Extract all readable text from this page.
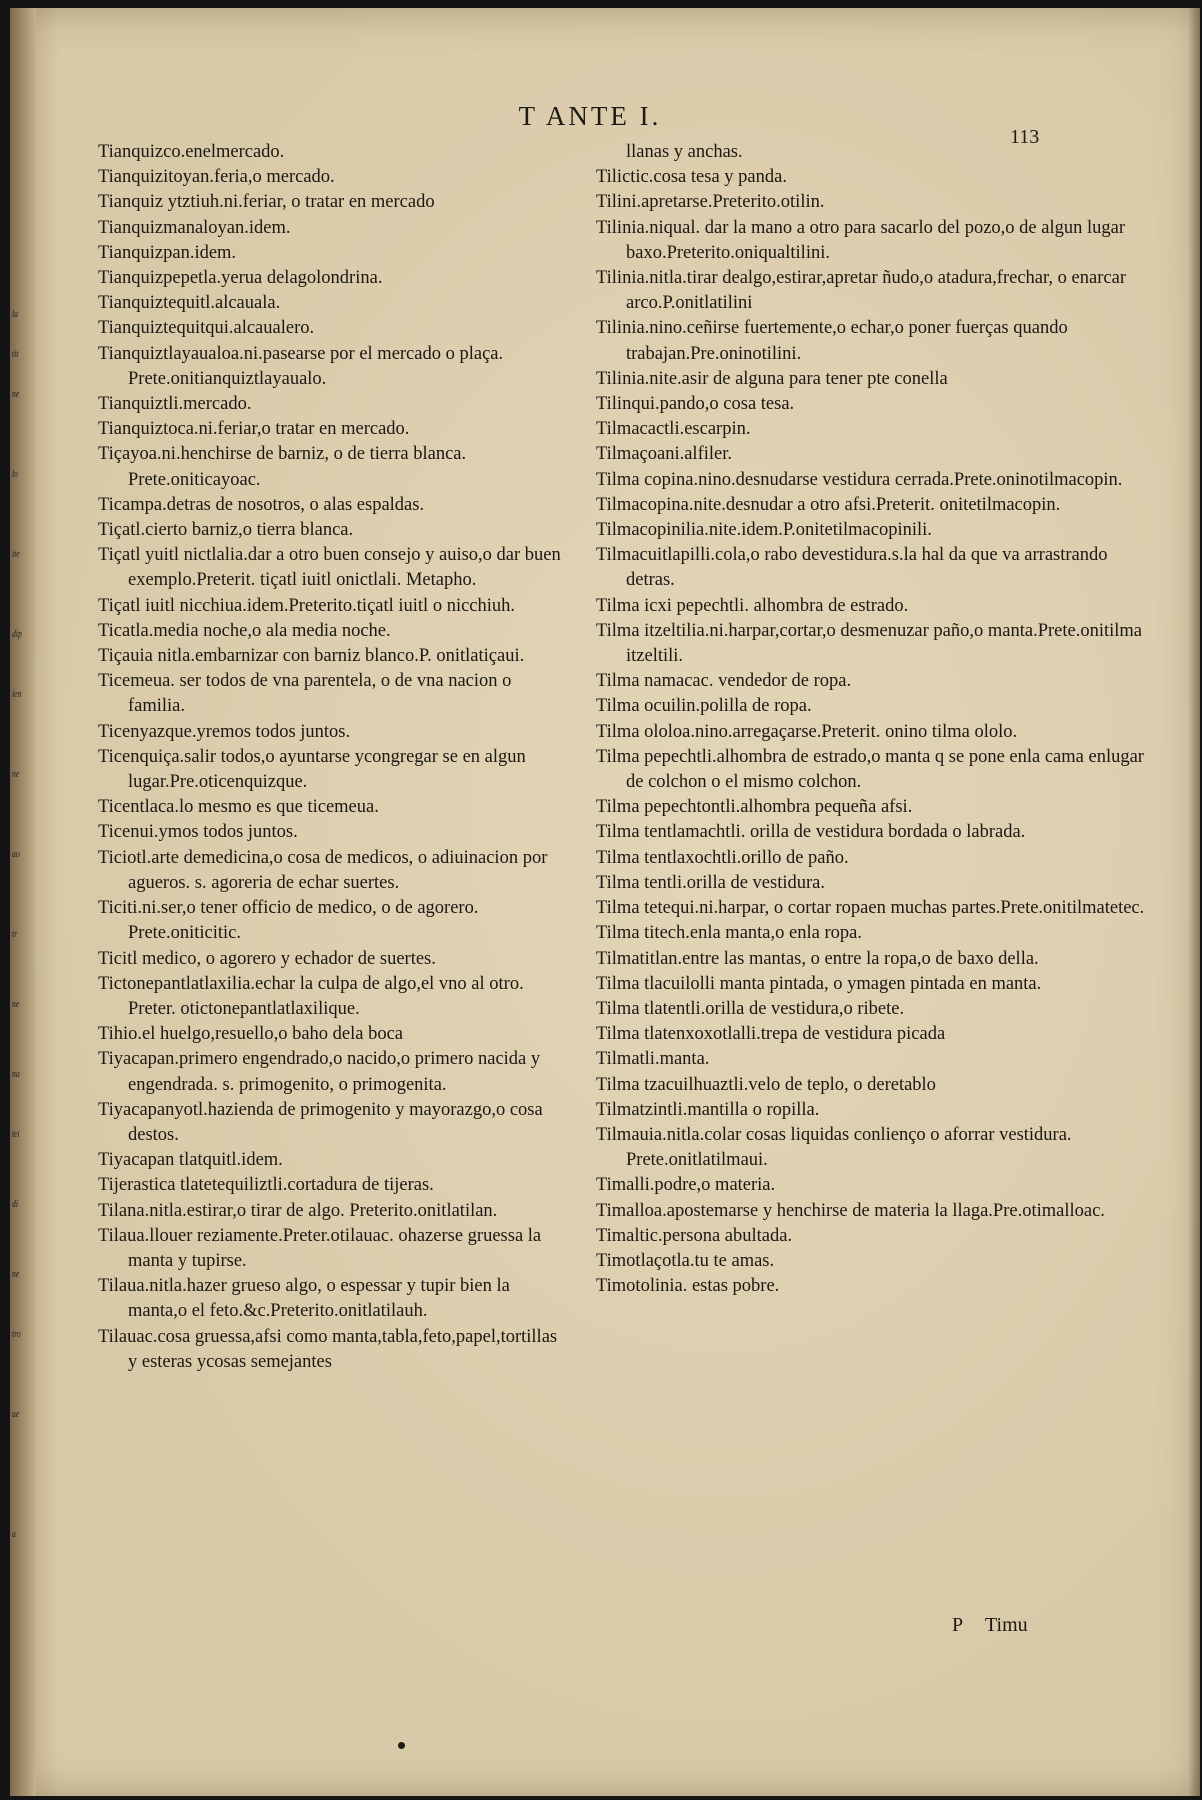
la
tit
ne
lo
ite
dip
ien
ne
ao
tr
ne
na
tei
di
ne
tro
ue
a
T ANTE I.
113

Tianquizco.enelmercado.

Tianquizitoyan.feria,o mercado.

Tianquiz ytztiuh.ni.feriar, o tratar en mercado

Tianquizmanaloyan.idem.

Tianquizpan.idem.

Tianquizpepetla.yerua delagolondrina.

Tianquiztequitl.alcauala.

Tianquiztequitqui.alcaualero.

Tianquiztlayaualoa.ni.pasearse por el mercado o plaça. Prete.onitianquiztlayaualo.

Tianquiztli.mercado.

Tianquiztoca.ni.feriar,o tratar en mercado.

Tiçayoa.ni.henchirse de barniz, o de tierra blanca. Prete.oniticayoac.

Ticampa.detras de nosotros, o alas espaldas.

Tiçatl.cierto barniz,o tierra blanca.

Tiçatl yuitl nictlalia.dar a otro buen consejo y auiso,o dar buen exemplo.Preterit. tiçatl iuitl onictlali. Metapho.

Tiçatl iuitl nicchiua.idem.Preterito.tiçatl iuitl o nicchiuh.

Ticatla.media noche,o ala media noche.

Tiçauia nitla.embarnizar con barniz blanco.P. onitlatiçaui.

Ticemeua. ser todos de vna parentela, o de vna nacion o familia.

Ticenyazque.yremos todos juntos.

Ticenquiça.salir todos,o ayuntarse ycongregar se en algun lugar.Pre.oticenquizque.

Ticentlaca.lo mesmo es que ticemeua.

Ticenui.ymos todos juntos.

Ticiotl.arte demedicina,o cosa de medicos, o adiuinacion por agueros. s. agoreria de echar suertes.

Ticiti.ni.ser,o tener officio de medico, o de agorero. Prete.oniticitic.

Ticitl medico, o agorero y echador de suertes.

Tictonepantlatlaxilia.echar la culpa de algo,el vno al otro. Preter. otictonepantlatlaxilique.

Tihio.el huelgo,resuello,o baho dela boca

Tiyacapan.primero engendrado,o nacido,o primero nacida y engendrada. s. primogenito, o primogenita.

Tiyacapanyotl.hazienda de primogenito y mayorazgo,o cosa destos.

Tiyacapan tlatquitl.idem.

Tijerastica tlatetequiliztli.cortadura de tijeras.

Tilana.nitla.estirar,o tirar de algo. Preterito.onitlatilan.

Tilaua.llouer reziamente.Preter.otilauac. ohazerse gruessa la manta y tupirse.

Tilaua.nitla.hazer grueso algo, o espessar y tupir bien la manta,o el feto.&c.Preterito.onitlatilauh.

Tilauac.cosa gruessa,afsi como manta,tabla,feto,papel,tortillas y esteras ycosas semejantes

llanas y anchas.

Tilictic.cosa tesa y panda.

Tilini.apretarse.Preterito.otilin.

Tilinia.niqual. dar la mano a otro para sacarlo del pozo,o de algun lugar baxo.Preterito.oniqualtilini.

Tilinia.nitla.tirar dealgo,estirar,apretar ñudo,o atadura,frechar, o enarcar arco.P.onitlatilini

Tilinia.nino.ceñirse fuertemente,o echar,o poner fuerças quando trabajan.Pre.oninotilini.

Tilinia.nite.asir de alguna para tener pte conella

Tilinqui.pando,o cosa tesa.

Tilmacactli.escarpin.

Tilmaçoani.alfiler.

Tilma copina.nino.desnudarse vestidura cerrada.Prete.oninotilmacopin.

Tilmacopina.nite.desnudar a otro afsi.Preterit. onitetilmacopin.

Tilmacopinilia.nite.idem.P.onitetilmacopinili.

Tilmacuitlapilli.cola,o rabo devestidura.s.la hal da que va arrastrando detras.

Tilma icxi pepechtli. alhombra de estrado.

Tilma itzeltilia.ni.harpar,cortar,o desmenuzar paño,o manta.Prete.onitilma itzeltili.

Tilma namacac. vendedor de ropa.

Tilma ocuilin.polilla de ropa.

Tilma ololoa.nino.arregaçarse.Preterit. onino tilma ololo.

Tilma pepechtli.alhombra de estrado,o manta q se pone enla cama enlugar de colchon o el mismo colchon.

Tilma pepechtontli.alhombra pequeña afsi.

Tilma tentlamachtli. orilla de vestidura bordada o labrada.

Tilma tentlaxochtli.orillo de paño.

Tilma tentli.orilla de vestidura.

Tilma tetequi.ni.harpar, o cortar ropaen muchas partes.Prete.onitilmatetec.

Tilma titech.enla manta,o enla ropa.

Tilmatitlan.entre las mantas, o entre la ropa,o de baxo della.

Tilma tlacuilolli manta pintada, o ymagen pintada en manta.

Tilma tlatentli.orilla de vestidura,o ribete.

Tilma tlatenxoxotlalli.trepa de vestidura picada

Tilmatli.manta.

Tilma tzacuilhuaztli.velo de teplo, o deretablo

Tilmatzintli.mantilla o ropilla.

Tilmauia.nitla.colar cosas liquidas conlienço o aforrar vestidura. Prete.onitlatilmaui.

Timalli.podre,o materia.

Timalloa.apostemarse y henchirse de materia la llaga.Pre.otimalloac.

Timaltic.persona abultada.

Timotlaçotla.tu te amas.

Timotolinia. estas pobre.

P Timu
